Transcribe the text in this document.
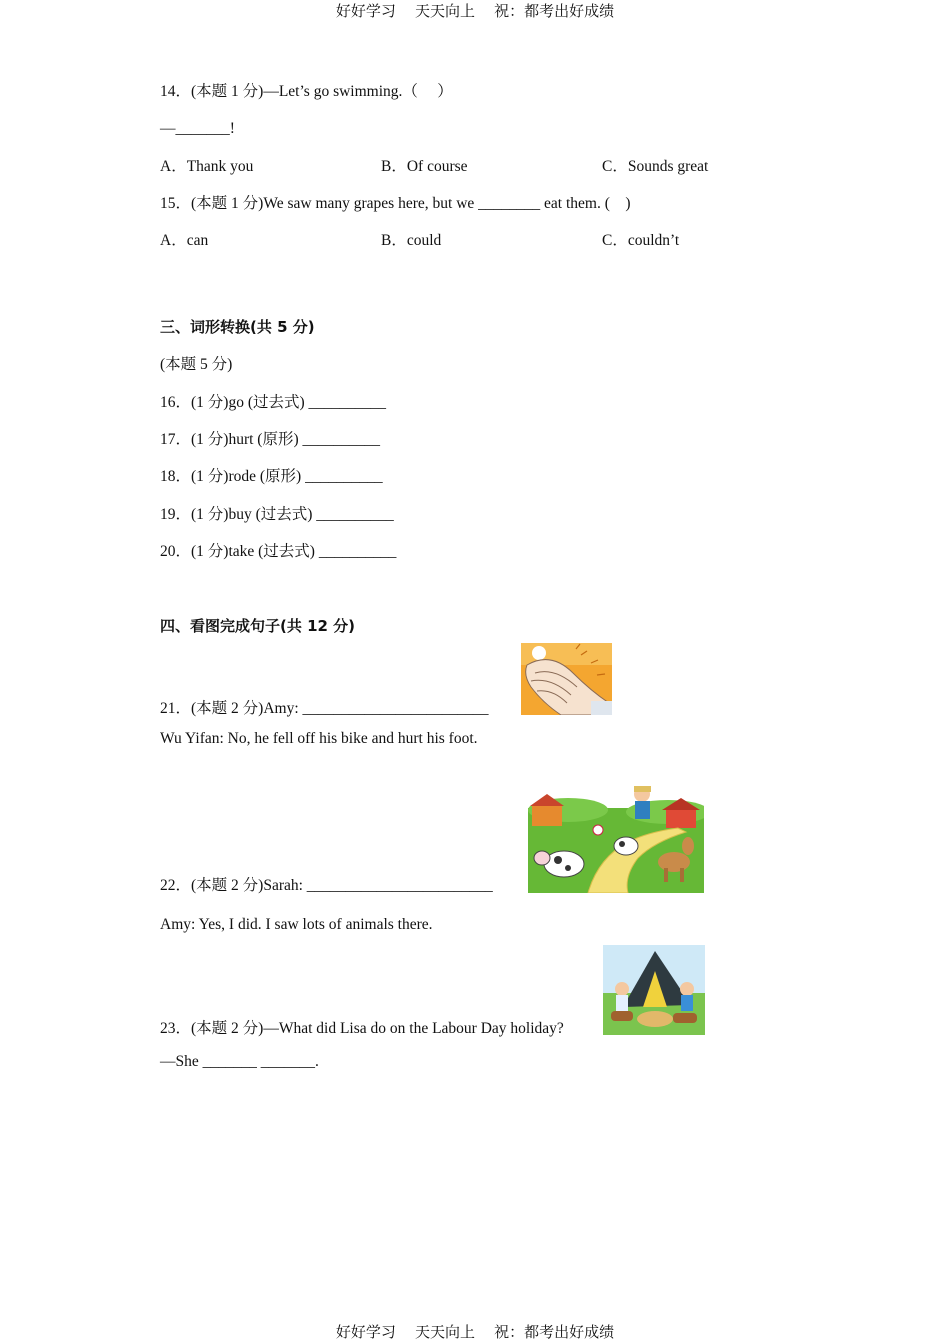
好好学习    天天向上    祝：都考出好成绩
14．(本题 1 分)—Let’s go swimming.（     ）
—_______!
A．Thank you	B．Of course	C．Sounds great
15．(本题 1 分)We saw many grapes here, but we ________ eat them. (    )
A．can	B．could	C．couldn’t
三、词形转换(共 5 分)
(本题 5 分)
16．(1 分)go (过去式) __________
17．(1 分)hurt (原形) __________
18．(1 分)rode (原形) __________
19．(1 分)buy (过去式) __________
20．(1 分)take (过去式) __________
四、看图完成句子(共 12 分)
21．(本题 2 分)Amy: ________________________
Wu Yifan: No, he fell off his bike and hurt his foot.
22．(本题 2 分)Sarah: ________________________
Amy: Yes, I did. I saw lots of animals there.
23．(本题 2 分)—What did Lisa do on the Labour Day holiday?
—She _______ _______.
好好学习    天天向上    祝：都考出好成绩
